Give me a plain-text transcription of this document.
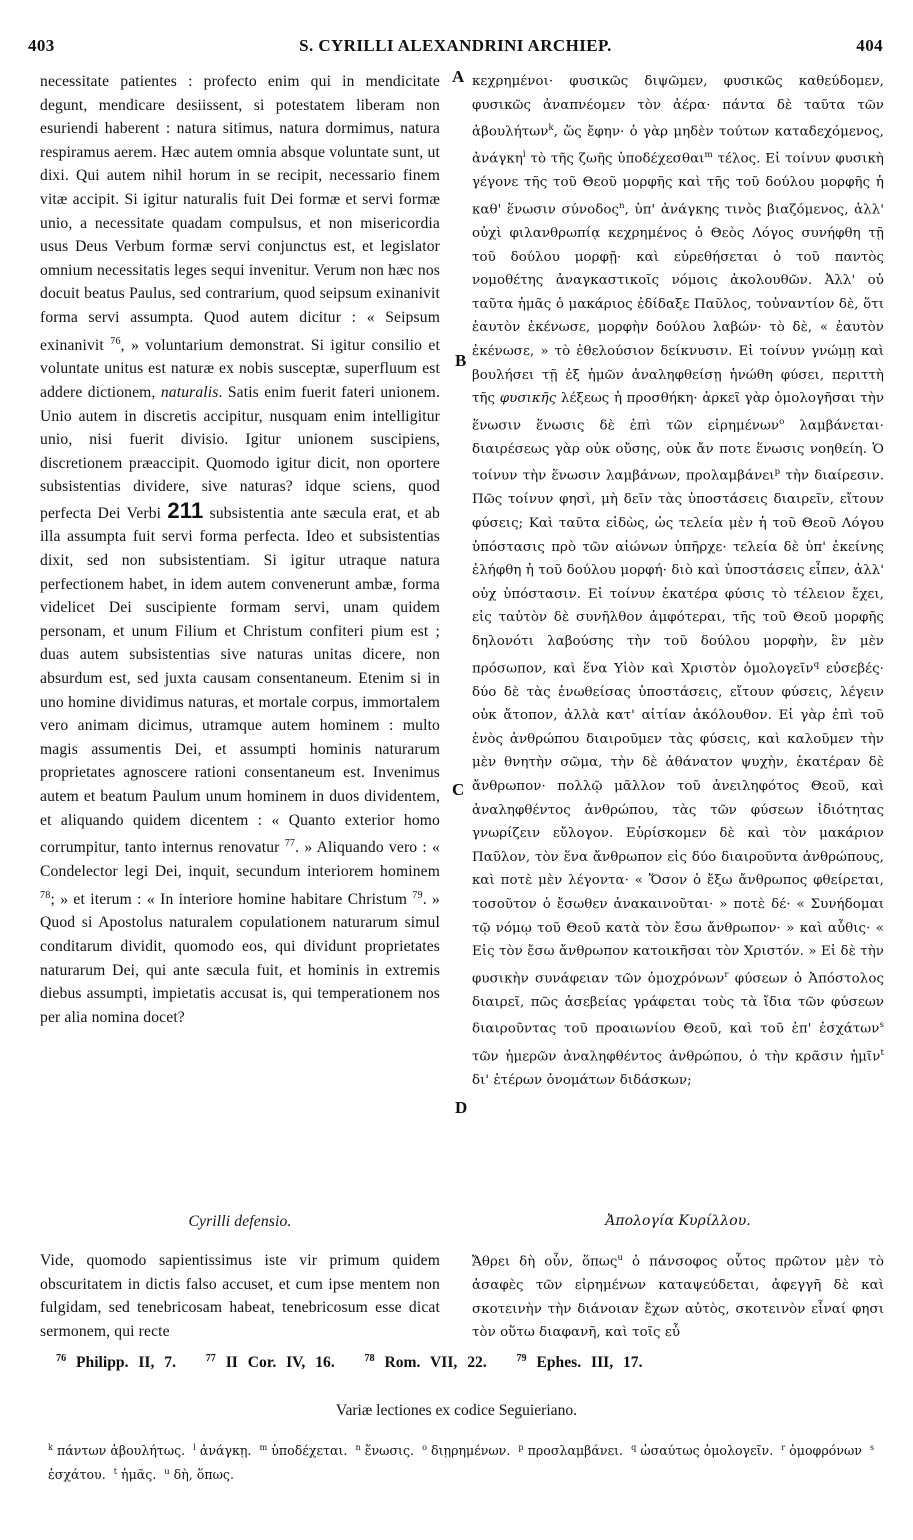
403	S. CYRILLI ALEXANDRINI ARCHIEP.	404

necessitate patientes : profecto enim qui in mendicitate degunt, mendicare desiissent, si potestatem liberam non esuriendi haberent : natura sitimus, natura dormimus, natura respiramus aerem. Hæc autem omnia absque voluntate sunt, ut dixi. Qui autem nihil horum in se recipit, necessario finem vitæ accipit. Si igitur naturalis fuit Dei formæ et servi formæ unio, a necessitate quadam compulsus, et non misericordia usus Deus Verbum formæ servi conjunctus est, et legislator omnium necessitatis leges sequi invenitur. Verum non hæc nos docuit beatus Paulus, sed contrarium, quod seipsum exinanivit forma servi assumpta. Quod autem dicitur : « Seipsum exinanivit $^{76}$, » voluntarium demonstrat. Si igitur consilio et voluntate unitus est naturæ ex nobis susceptæ, superfluum est addere dictionem, naturalis. Satis enim fuerit fateri unionem. Unio autem in discretis accipitur, nusquam enim intelligitur unio, nisi fuerit divisio. Igitur unionem suscipiens, discretionem præaccipit. Quomodo igitur dicit, non oportere subsistentias dividere, sive naturas? idque sciens, quod perfecta Dei Verbi 211 subsistentia ante sæcula erat, et ab illa assumpta fuit servi forma perfecta. Ideo et subsistentias dixit, sed non subsistentiam. Si igitur utraque natura perfectionem habet, in idem autem convenerunt ambæ, forma videlicet Dei suscipiente formam servi, unam quidem personam, et unum Filium et Christum confiteri pium est ; duas autem subsistentias sive naturas unitas dicere, non absurdum est, sed juxta causam consentaneum. Etenim si in uno homine dividimus naturas, et mortale corpus, immortalem vero animam dicimus, utramque autem hominem : multo magis assumentis Dei, et assumpti hominis naturarum proprietates agnoscere rationi consentaneum est. Invenimus autem et beatum Paulum unum hominem in duos dividentem, et aliquando quidem dicentem : « Quanto exterior homo corrumpitur, tanto internus renovatur $^{77}$. » Aliquando vero : « Condelector legi Dei, inquit, secundum interiorem hominem $^{78}$; » et iterum : « In interiore homine habitare Christum $^{79}$. » Quod si Apostolus naturalem copulationem naturarum simul conditarum dividit, quomodo eos, qui dividunt proprietates naturarum Dei, qui ante sæcula fuit, et hominis in extremis diebus assumpti, impietatis accusat is, qui temperationem nos per alia nomina docet?

Cyrilli defensio.

Vide, quomodo sapientissimus iste vir primum quidem obscuritatem in dictis falso accuset, et cum ipse mentem non fulgidam, sed tenebricosam habeat, tenebricosum esse dicat sermonem, qui recte

A
B
C
D

κεχρημένοι· φυσικῶς διψῶμεν, φυσικῶς καθεύδομεν, φυσικῶς ἀναπνέομεν τὸν ἀέρα· πάντα δὲ ταῦτα τῶν ἀβουλήτων$^k$, ὥς ἔφην· ὁ γὰρ μηδὲν τούτων καταδεχόμενος, ἀνάγκη$^l$ τὸ τῆς ζωῆς ὑποδέχεσθαι$^m$ τέλος. Εἰ τοίνυν φυσικὴ γέγονε τῆς τοῦ Θεοῦ μορφῆς καὶ τῆς τοῦ δούλου μορφῆς ἡ καθ' ἕνωσιν σύνοδος$^n$, ὑπ' ἀνάγκης τινὸς βιαζόμενος, ἀλλ' οὐχὶ φιλανθρωπίᾳ κεχρημένος ὁ Θεὸς Λόγος συνήφθη τῇ τοῦ δούλου μορφῇ· καὶ εὑρεθήσεται ὁ τοῦ παντὸς νομοθέτης ἀναγκαστικοῖς νόμοις ἀκολουθῶν. Ἀλλ' οὐ ταῦτα ἡμᾶς ὁ μακάριος ἐδίδαξε Παῦλος, τοὐναντίον δὲ, ὅτι ἑαυτὸν ἐκένωσε, μορφὴν δούλου λαβών· τὸ δὲ, « ἑαυτὸν ἐκένωσε, » τὸ ἐθελούσιον δείκνυσιν. Εἰ τοίνυν γνώμῃ καὶ βουλήσει τῇ ἐξ ἡμῶν ἀναληφθείσῃ ἡνώθη φύσει, περιττὴ τῆς φυσικῆς λέξεως ἡ προσθήκη· ἀρκεῖ γὰρ ὁμολογῆσαι τὴν ἕνωσιν ἕνωσις δὲ ἐπὶ τῶν εἰρημένων$^o$ λαμβάνεται· διαιρέσεως γὰρ οὐκ οὔσης, οὐκ ἄν ποτε ἕνωσις νοηθείη. Ὁ τοίνυν τὴν ἕνωσιν λαμβάνων, προλαμβάνει$^p$ τὴν διαίρεσιν. Πῶς τοίνυν φησὶ, μὴ δεῖν τὰς ὑποστάσεις διαιρεῖν, εἴτουν φύσεις; Καὶ ταῦτα εἰδὼς, ὡς τελεία μὲν ἡ τοῦ Θεοῦ Λόγου ὑπόστασις πρὸ τῶν αἰώνων ὑπῆρχε· τελεία δὲ ὑπ' ἐκείνης ἐλήφθη ἡ τοῦ δούλου μορφή· διὸ καὶ ὑποστάσεις εἶπεν, ἀλλ' οὐχ ὑπόστασιν. Εἰ τοίνυν ἑκατέρα φύσις τὸ τέλειον ἔχει, εἰς ταὐτὸν δὲ συνῆλθον ἀμφότεραι, τῆς τοῦ Θεοῦ μορφῆς δηλονότι λαβούσης τὴν τοῦ δούλου μορφὴν, ἓν μὲν πρόσωπον, καὶ ἕνα Υἱὸν καὶ Χριστὸν ὁμολογεῖν$^q$ εὐσεβές· δύο δὲ τὰς ἑνωθείσας ὑποστάσεις, εἴτουν φύσεις, λέγειν οὐκ ἄτοπον, ἀλλὰ κατ' αἰτίαν ἀκόλουθον. Εἰ γὰρ ἐπὶ τοῦ ἑνὸς ἀνθρώπου διαιροῦμεν τὰς φύσεις, καὶ καλοῦμεν τὴν μὲν θνητὴν σῶμα, τὴν δὲ ἀθάνατον ψυχὴν, ἑκατέραν δὲ ἄνθρωπον· πολλῷ μᾶλλον τοῦ ἀνειληφότος Θεοῦ, καὶ ἀναληφθέντος ἀνθρώπου, τὰς τῶν φύσεων ἰδιότητας γνωρίζειν εὔλογον. Εὑρίσκομεν δὲ καὶ τὸν μακάριον Παῦλον, τὸν ἕνα ἄνθρωπον εἰς δύο διαιροῦντα ἀνθρώπους, καὶ ποτὲ μὲν λέγοντα· « Ὅσον ὁ ἔξω ἄνθρωπος φθείρεται, τοσοῦτον ὁ ἔσωθεν ἀνακαινοῦται· » ποτὲ δέ· « Συνήδομαι τῷ νόμῳ τοῦ Θεοῦ κατὰ τὸν ἔσω ἄνθρωπον· » καὶ αὖθις· « Εἰς τὸν ἔσω ἄνθρωπον κατοικῆσαι τὸν Χριστόν. » Εἰ δὲ τὴν φυσικὴν συνάφειαν τῶν ὁμοχρόνων$^r$ φύσεων ὁ Ἀπόστολος διαιρεῖ, πῶς ἀσεβείας γράφεται τοὺς τὰ ἴδια τῶν φύσεων διαιροῦντας τοῦ προαιωνίου Θεοῦ, καὶ τοῦ ἐπ' ἐσχάτων$^s$ τῶν ἡμερῶν ἀναληφθέντος ἀνθρώπου, ὁ τὴν κρᾶσιν ἡμῖν$^t$ δι' ἑτέρων ὀνομάτων διδάσκων;

Ἀπολογία Κυρίλλου.

Ἄθρει δὴ οὖν, ὅπως$^u$ ὁ πάνσοφος οὗτος πρῶτον μὲν τὸ ἀσαφὲς τῶν εἰρημένων καταψεύδεται, ἀφεγγῆ δὲ καὶ σκοτεινὴν τὴν διάνοιαν ἔχων αὐτὸς, σκοτεινὸν εἶναί φησι τὸν οὕτω διαφανῆ, καὶ τοῖς εὖ

$^{76}$ Philipp. II, 7.	$^{77}$ II Cor. IV, 16.	$^{78}$ Rom. VII, 22.	$^{79}$ Ephes. III, 17.
Variæ lectiones ex codice Seguieriano.
$^k$ πάντων ἀβουλήτως. $^l$ ἀνάγκῃ. $^m$ ὑποδέχεται. $^n$ ἕνωσις. $^o$ διῃρημένων. $^p$ προσλαμβάνει. $^q$ ὡσαύτως ὁμολογεῖν. $^r$ ὁμοφρόνων $^s$ ἐσχάτου. $^t$ ἡμᾶς. $^u$ δὴ, ὅπως.
